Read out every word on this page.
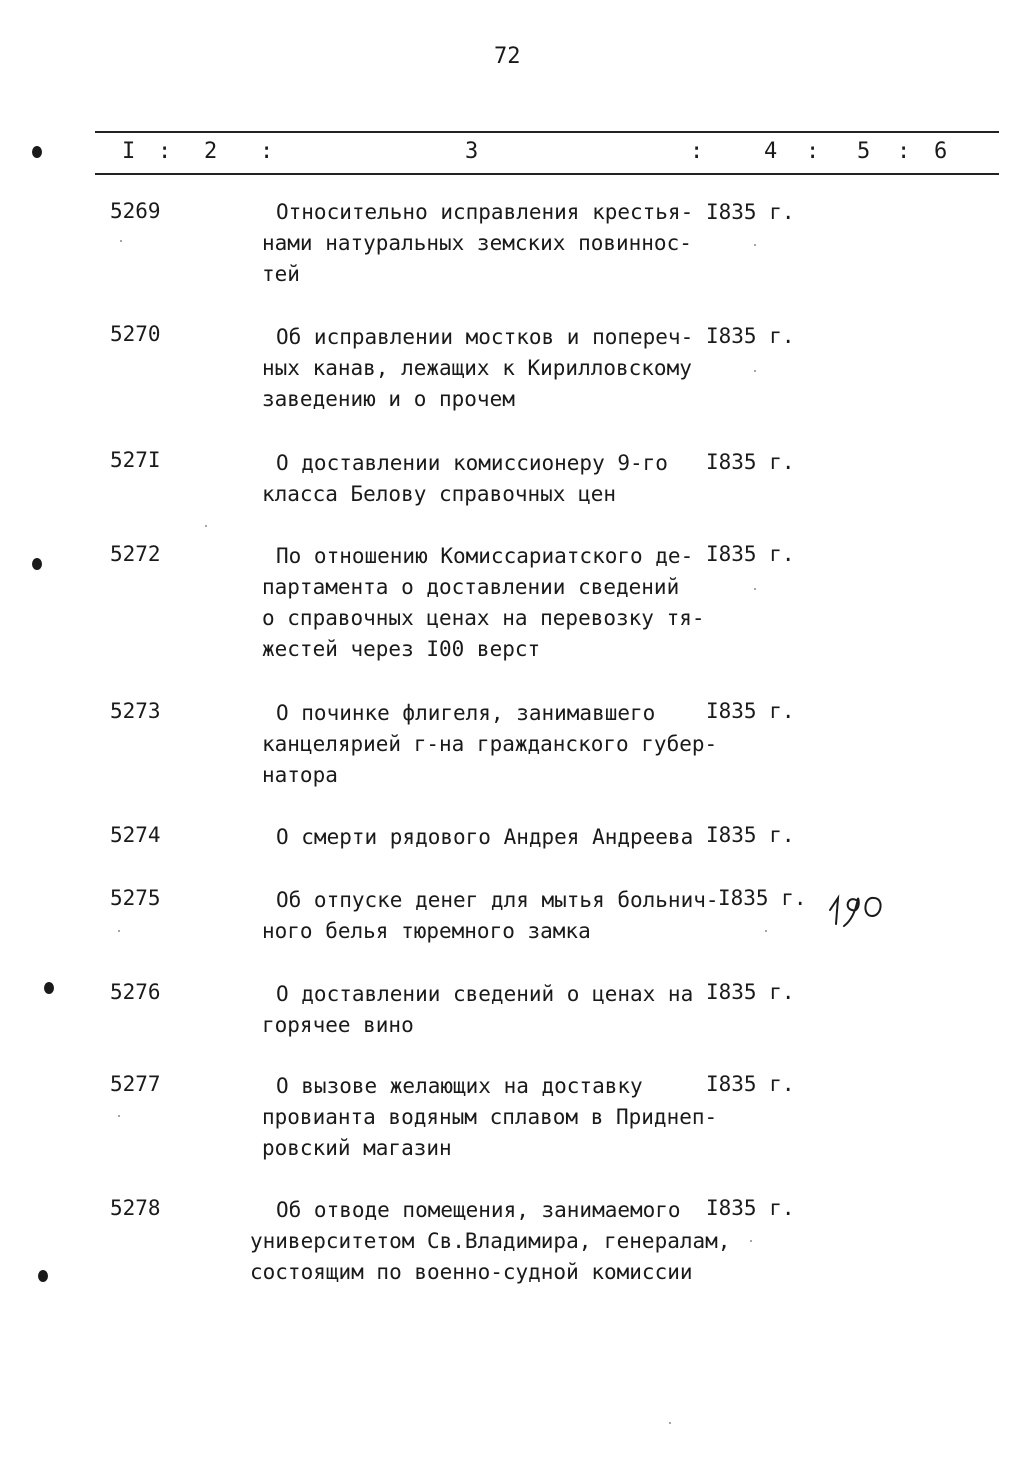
72
I : 2 :	3	:	4 : 5 : 6
5269	Относительно исправления крестья-
нами натуральных земских повиннос-
тей
I835 г.
5270	Об исправлении мостков и попереч-
ных канав, лежащих к Кирилловскому
заведению и о прочем
I835 г.
527I	О доставлении комиссионеру 9-го
класса Белову справочных цен
I835 г.
5272	По отношению Комиссариатского де-
партамента о доставлении сведений
о справочных ценах на перевозку тя-
жестей через I00 верст
I835 г.
5273	О починке флигеля, занимавшего
канцелярией г-на гражданского губер-
натора
I835 г.
5274	О смерти рядового Андрея Андреева I835 г.
5275	Об отпуске денег для мытья больнич-
ного белья тюремного замка
I835 г.
5276	О доставлении сведений о ценах на
горячее вино
I835 г.
5277	О вызове желающих на доставку
провианта водяным сплавом в Приднеп-
ровский магазин
I835 г.
5278	Об отводе помещения, занимаемого
университетом Св.Владимира, генералам,
состоящим по военно-судной комиссии
I835 г.
